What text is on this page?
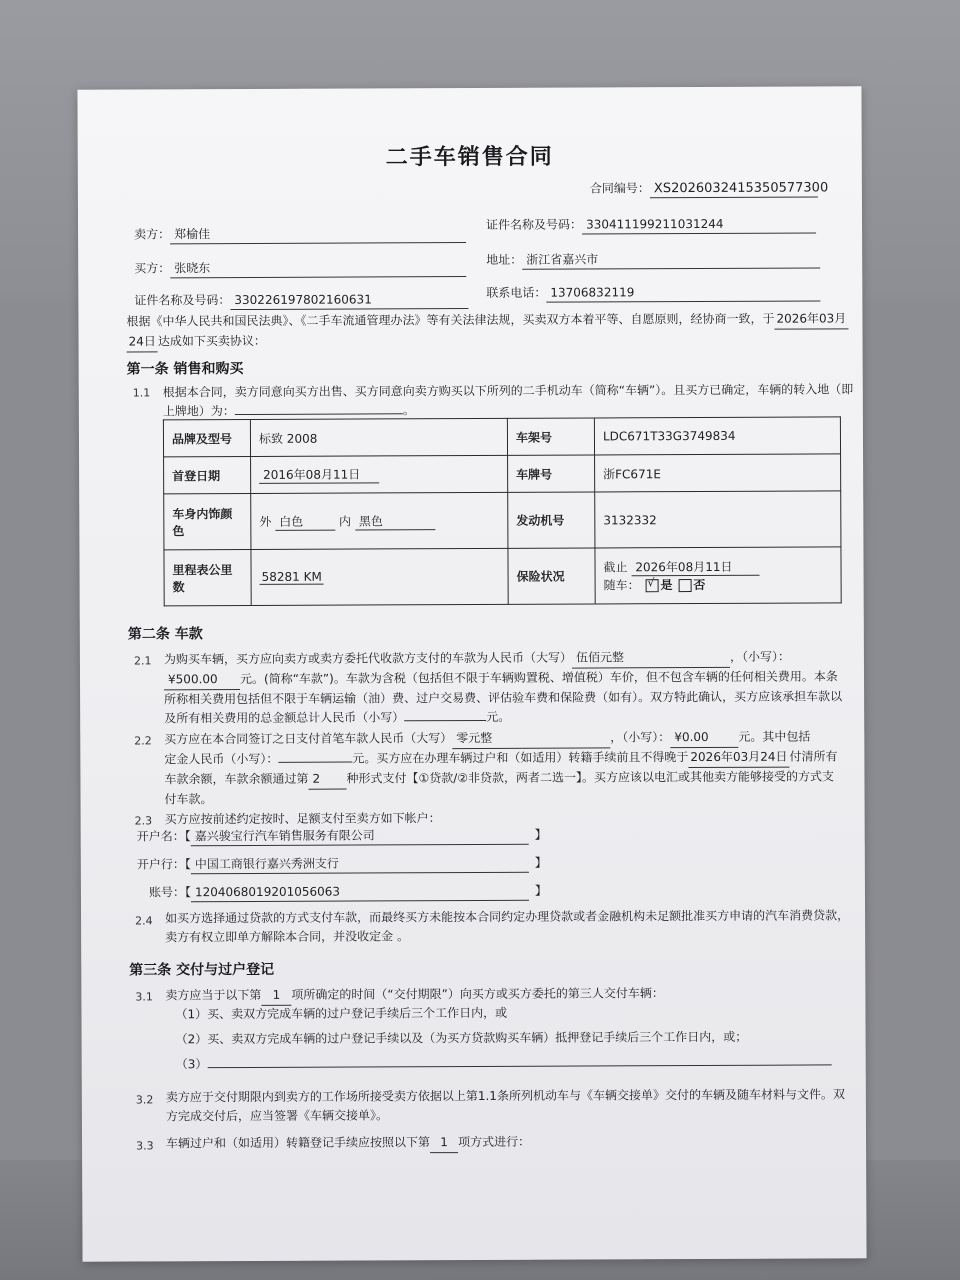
二手车销售合同
合同编号： XS2026032415350577300
卖方： 郑榆佳
证件名称及号码： 330411199211031244
买方： 张晓东
地址： 浙江省嘉兴市
证件名称及号码： 330226197802160631	联系电话： 13706832119
根据《中华人民共和国民法典》、《二手车流通管理办法》等有关法律法规，买卖双方本着平等、自愿原则，经协商一致，于 2026年03月
24日 达成如下买卖协议：
第一条 销售和购买
1.1 根据本合同，卖方同意向买方出售、买方同意向卖方购买以下所列的二手机动车（简称“车辆”）。且买方已确定，车辆的转入地（即
上牌地）为：	。
品牌及型号	标致 2008	车架号	LDC671T33G3749834
首登日期	2016年08月11日	车牌号	浙FC671E
车身内饰颜
色	外 白色 内 黑色	发动机号	3132332
里程表公里
数	58281 KM	保险状况	截止 2026年08月11日
随车： √ 是 否
第二条 车款
2.1 为购买车辆，买方应向卖方或卖方委托代收款方支付的车款为人民币（大写） 伍佰元整	，（小写）：
¥500.00 元。(简称“车款”)。车款为含税（包括但不限于车辆购置税、增值税）车价，但不包含车辆的任何相关费用。本条
所称相关费用包括但不限于车辆运输（油）费、过户交易费、评估验车费和保险费（如有）。双方特此确认，买方应该承担车款以
及所有相关费用的总金额总计人民币（小写）	元。
2.2 买方应在本合同签订之日支付首笔车款人民币（大写） 零元整	，（小写）： ¥0.00 元。其中包括
定金人民币（小写）：	元。买方应在办理车辆过户和（如适用）转籍手续前且不得晚于 2026年03月24日 付清所有
车款余额，车款余额通过第 2 种形式支付【①贷款/②非贷款，两者二选一】。买方应该以电汇或其他卖方能够接受的方式支
付车款。
2.3 买方应按前述约定按时、足额支付至卖方如下帐户：
开户名：【 嘉兴骏宝行汽车销售服务有限公司	】
开户行：【 中国工商银行嘉兴秀洲支行	】
账号：【 1204068019201056063	】
2.4 如买方选择通过贷款的方式支付车款，而最终买方未能按本合同约定办理贷款或者金融机构未足额批准买方申请的汽车消费贷款，
卖方有权立即单方解除本合同，并没收定金 。
第三条 交付与过户登记
3.1 卖方应当于以下第 1 项所确定的时间（“交付期限”）向买方或买方委托的第三人交付车辆：
（1）买、卖双方完成车辆的过户登记手续后三个工作日内，或
（2）买、卖双方完成车辆的过户登记手续以及（为买方贷款购买车辆）抵押登记手续后三个工作日内，或；
（3）
3.2 卖方应于交付期限内到卖方的工作场所接受卖方依据以上第1.1条所列机动车与《车辆交接单》交付的车辆及随车材料与文件。双
方完成交付后，应当签署《车辆交接单》。
3.3 车辆过户和（如适用）转籍登记手续应按照以下第 1 项方式进行：
